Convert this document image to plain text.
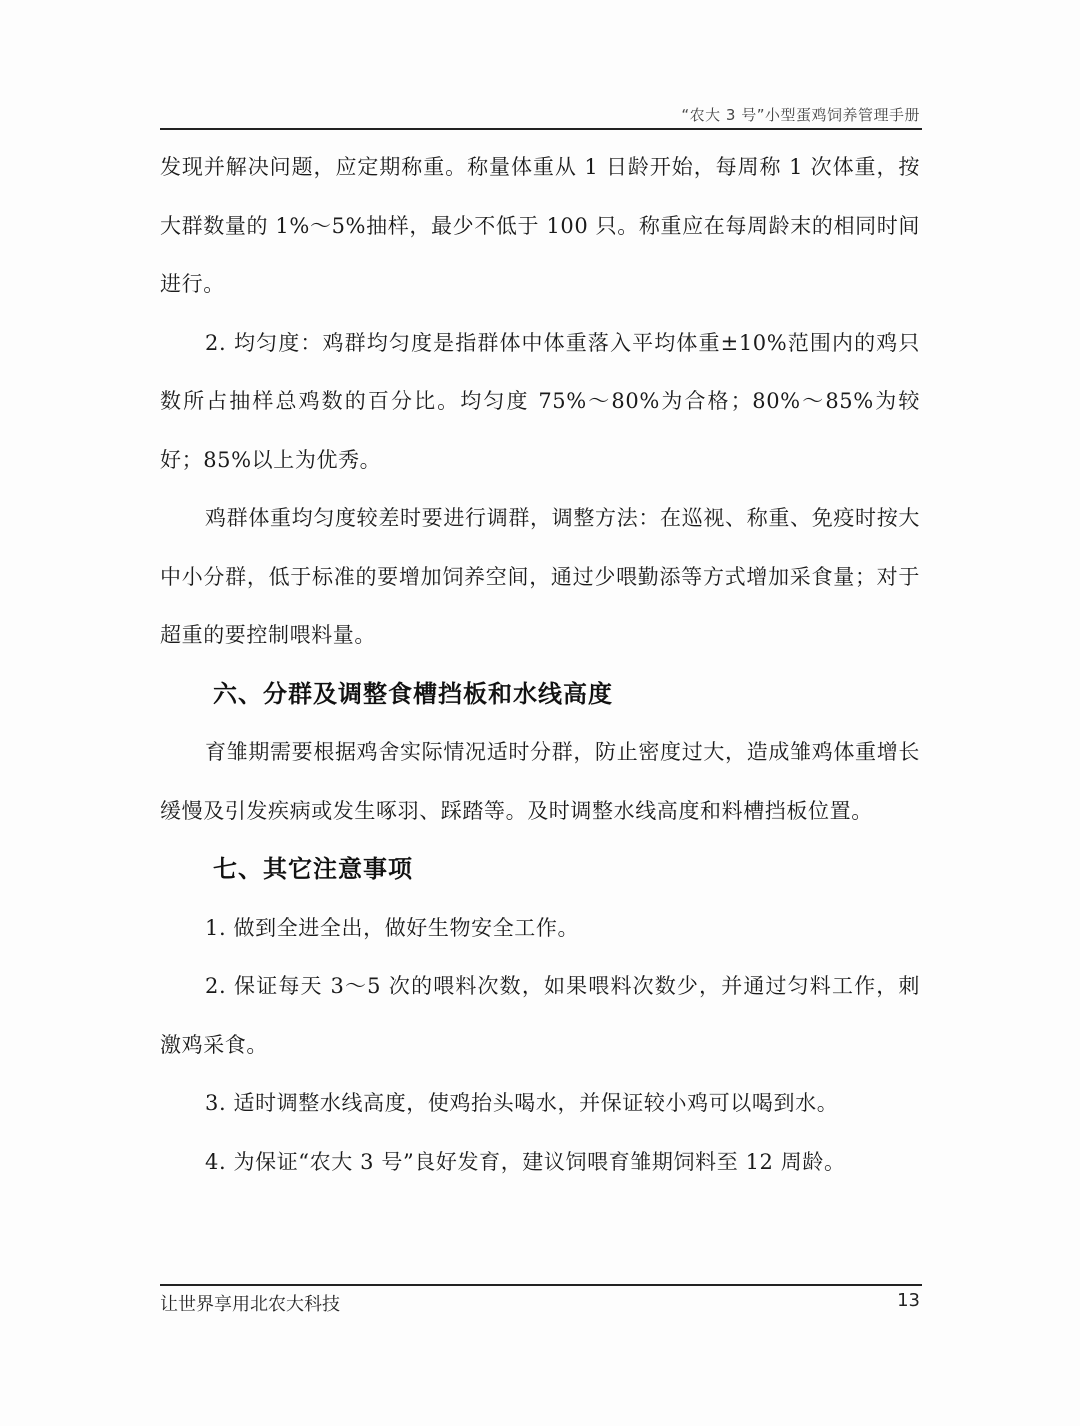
“农大 3 号”小型蛋鸡饲养管理手册

发现并解决问题，应定期称重。称量体重从 1 日龄开始，每周称 1 次体重，按大群数量的 1%～5%抽样，最少不低于 100 只。称重应在每周龄末的相同时间进行。

2. 均匀度：鸡群均匀度是指群体中体重落入平均体重±10%范围内的鸡只数所占抽样总鸡数的百分比。均匀度 75%～80%为合格；80%～85%为较好；85%以上为优秀。

鸡群体重均匀度较差时要进行调群，调整方法：在巡视、称重、免疫时按大中小分群，低于标准的要增加饲养空间，通过少喂勤添等方式增加采食量；对于超重的要控制喂料量。

六、分群及调整食槽挡板和水线高度

育雏期需要根据鸡舍实际情况适时分群，防止密度过大，造成雏鸡体重增长缓慢及引发疾病或发生啄羽、踩踏等。及时调整水线高度和料槽挡板位置。

七、其它注意事项

1. 做到全进全出，做好生物安全工作。

2. 保证每天 3～5 次的喂料次数，如果喂料次数少，并通过匀料工作，刺激鸡采食。

3. 适时调整水线高度，使鸡抬头喝水，并保证较小鸡可以喝到水。

4. 为保证“农大 3 号”良好发育，建议饲喂育雏期饲料至 12 周龄。

让世界享用北农大科技	13
